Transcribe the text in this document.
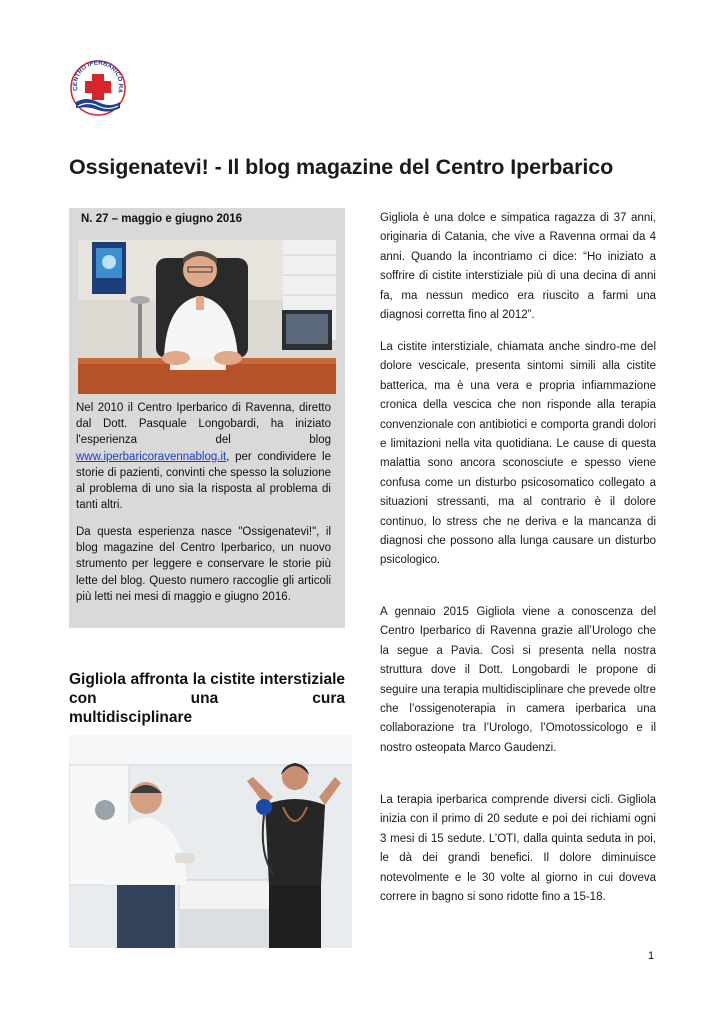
CENTRO IPERBARICO RA
Ossigenatevi! - Il blog magazine del Centro Iperbarico
N. 27 – maggio e giugno 2016
Nel 2010 il Centro Iperbarico di Ravenna, diretto dal Dott. Pasquale Longobardi, ha iniziato l'esperienza del blog www.iperbaricoravennablog.it, per condividere le storie di pazienti, convinti che spesso la soluzione al problema di uno sia la risposta al problema di tanti altri.
Da questa esperienza nasce "Ossigenatevi!", il blog magazine del Centro Iperbarico, un nuovo strumento per leggere e conservare le storie più lette del blog. Questo numero raccoglie gli articoli più letti nei mesi di maggio e giugno 2016.
Gigliola affronta la cistite interstiziale con una cura
multidisciplinare
Gigliola è una dolce e simpatica ragazza di 37 anni, originaria di Catania, che vive a Ravenna ormai da 4 anni. Quando la incontriamo ci dice: “Ho iniziato a soffrire di cistite interstiziale più di una decina di anni fa, ma nessun medico era riuscito a farmi una diagnosi corretta fino al 2012”.
La cistite interstiziale, chiamata anche sindro-me del dolore vescicale, presenta sintomi simili alla cistite batterica, ma è una vera e propria infiammazione cronica della vescica che non risponde alla terapia convenzionale con antibiotici e comporta grandi dolori e limitazioni nella vita quotidiana. Le cause di questa malattia sono ancora sconosciute e spesso viene confusa come un disturbo psicosomatico collegato a situazioni stressanti, ma al contrario è il dolore continuo, lo stress che ne deriva e la mancanza di diagnosi che possono alla lunga causare un disturbo psicologico.
A gennaio 2015 Gigliola viene a conoscenza del Centro Iperbarico di Ravenna grazie all’Urologo che la segue a Pavia. Così si presenta nella nostra struttura dove il Dott. Longobardi le propone di seguire una terapia multidisciplinare che prevede oltre che l’ossigenoterapia in camera iperbarica una collaborazione tra l’Urologo, l’Omotossicologo e il nostro osteopata Marco Gaudenzi.
La terapia iperbarica comprende diversi cicli. Gigliola inizia con il primo di 20 sedute e poi dei richiami ogni 3 mesi di 15 sedute. L’OTI, dalla quinta seduta in poi, le dà dei grandi benefici. Il dolore diminuisce notevolmente e le 30 volte al giorno in cui doveva correre in bagno si sono ridotte fino a 15-18.
1
